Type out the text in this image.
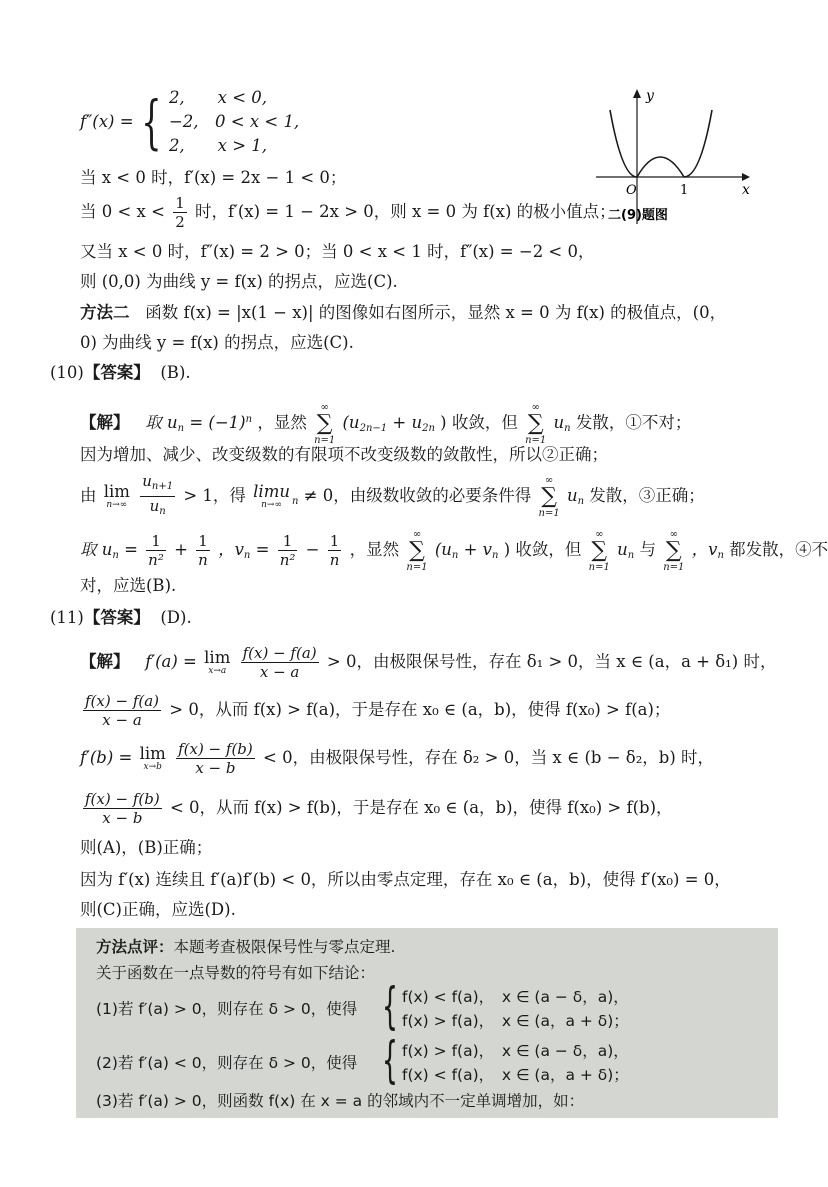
f″(x) = { 2,　　x < 0,
−2,　0 < x < 1,
2,　　x > 1,
当 x < 0 时，f′(x) = 2x − 1 < 0；
当 $0 < x < \frac{1}{2}$ 时，f′(x) = 1 − 2x > 0，则 x = 0 为 f(x) 的极小值点；
又当 x < 0 时，f″(x) = 2 > 0；当 0 < x < 1 时，f″(x) = −2 < 0，
则 (0,0) 为曲线 y = f(x) 的拐点，应选(C).
方法二 函数 f(x) = |x(1 − x)| 的图像如右图所示，显然 x = 0 为 f(x) 的极值点，(0，
0) 为曲线 y = f(x) 的拐点，应选(C).
y
x
O	1
二(9)题图
(10)【答案】 (B).
【解】 取 $u_n = (-1)^n$ ，显然
∞
∑
n=1
($u_{2n-1} + u_{2n}$ ) 收敛，但
∞
∑
n=1
$u_n$ 发散，①不对；
因为增加、减少、改变级数的有限项不改变级数的敛散性，所以②正确；
由 lim
n→∞
$\frac{u_{n+1}}{u_n} > 1$，得 limu
n→∞	$_n$ ≠ 0，由级数收敛的必要条件得
∞
∑
n=1
$u_n$ 发散，③正确；
取 $u_n = \frac{1}{\text{n²}} + \frac{1}{n}$ ，$v_n = \frac{1}{\text{n²}} - \frac{1}{n}$ ，显然
∞
∑
n=1
($u_n + v_n$ ) 收敛，但
∞
∑
n=1
$u_n$ 与
∞
∑
n=1
，$v_n$ 都发散，④不
对，应选(B).
(11)【答案】 (D).
【解】 f′(a) = lim
x→a
$\frac{f(x) - f(a)}{x - a} > 0$，由极限保号性，存在 δ₁ > 0，当 x ∈ (a，a + δ₁) 时，
$\frac{f(x) - f(a)}{x - a} > 0$，从而 f(x) > f(a)，于是存在 x₀ ∈ (a，b)，使得 f(x₀) > f(a)；
f′(b) = lim
x→b
$\frac{f(x) - f(b)}{x - b} < 0$，由极限保号性，存在 δ₂ > 0，当 x ∈ (b − δ₂，b) 时，
$\frac{f(x) - f(b)}{x - b} < 0$，从而 f(x) > f(b)，于是存在 x₀ ∈ (a，b)，使得 f(x₀) > f(b)，
则(A)，(B)正确；
因为 f′(x) 连续且 f′(a)f′(b) < 0，所以由零点定理，存在 x₀ ∈ (a，b)，使得 f′(x₀) = 0，
则(C)正确，应选(D).
方法点评：本题考查极限保号性与零点定理.
关于函数在一点导数的符号有如下结论：
(1)若 f′(a) > 0，则存在 δ > 0，使得 { f(x) < f(a)，　x ∈ (a − δ，a)，
f(x) > f(a)，　x ∈ (a，a + δ)；
(2)若 f′(a) < 0，则存在 δ > 0，使得 { f(x) > f(a)，　x ∈ (a − δ，a)，
f(x) < f(a)，　x ∈ (a，a + δ)；
(3)若 f′(a) > 0，则函数 f(x) 在 x = a 的邻域内不一定单调增加，如：
